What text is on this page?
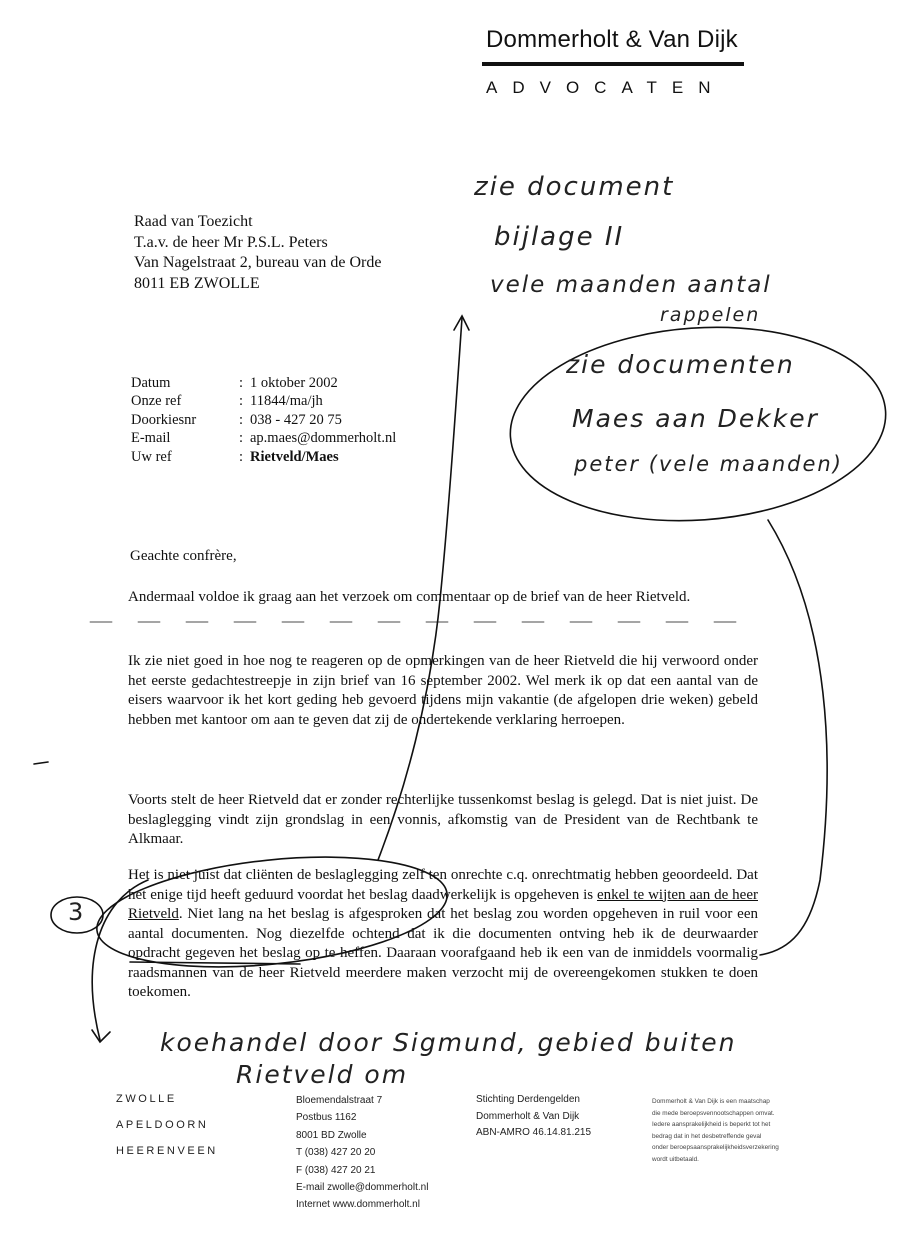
Dommerholt & Van Dijk
ADVOCATEN
Raad van Toezicht
T.a.v. de heer Mr P.S.L. Peters
Van Nagelstraat 2, bureau van de Orde
8011 EB ZWOLLE
Datum	: 1 oktober 2002
Onze ref	: 11844/ma/jh
Doorkiesnr	: 038 - 427 20 75
E-mail	: ap.maes@dommerholt.nl
Uw ref	: Rietveld/Maes
Geachte confrère,
Andermaal voldoe ik graag aan het verzoek om commentaar op de brief van de heer Rietveld.
Ik zie niet goed in hoe nog te reageren op de opmerkingen van de heer Rietveld die hij verwoord onder het eerste gedachtestreepje in zijn brief van 16 september 2002. Wel merk ik op dat een aantal van de eisers waarvoor ik het kort geding heb gevoerd tijdens mijn vakantie (de afgelopen drie weken) gebeld hebben met kantoor om aan te geven dat zij de ondertekende verklaring herroepen.
Voorts stelt de heer Rietveld dat er zonder rechterlijke tussenkomst beslag is gelegd. Dat is niet juist. De beslaglegging vindt zijn grondslag in een vonnis, afkomstig van de President van de Rechtbank te Alkmaar.
Het is niet juist dat cliënten de beslaglegging zelf ten onrechte c.q. onrechtmatig hebben geoordeeld. Dat het enige tijd heeft geduurd voordat het beslag daadwerkelijk is opgeheven is enkel te wijten aan de heer Rietveld. Niet lang na het beslag is afgesproken dat het beslag zou worden opgeheven in ruil voor een aantal documenten. Nog diezelfde ochtend dat ik die documenten ontving heb ik de deurwaarder opdracht gegeven het beslag op te heffen. Daaraan voorafgaand heb ik een van de inmiddels voormalig raadsmannen van de heer Rietveld meerdere maken verzocht mij de overeengekomen stukken te doen toekomen.
zie document
bijlage II
vele maanden aantal
rappelen
zie documenten
Maes aan Dekker
peter (vele maanden)
3
koehandel door Sigmund, gebied buiten
Rietveld om
ZWOLLE
APELDOORN
HEERENVEEN
Bloemendalstraat 7
Postbus 1162
8001 BD Zwolle
T (038) 427 20 20
F (038) 427 20 21
E-mail zwolle@dommerholt.nl
Internet www.dommerholt.nl
Stichting Derdengelden
Dommerholt & Van Dijk
ABN-AMRO 46.14.81.215
Dommerholt & Van Dijk is een maatschap
die mede beroepsvennootschappen omvat.
Iedere aansprakelijkheid is beperkt tot het
bedrag dat in het desbetreffende geval
onder beroepsaansprakelijkheidsverzekering
wordt uitbetaald.
